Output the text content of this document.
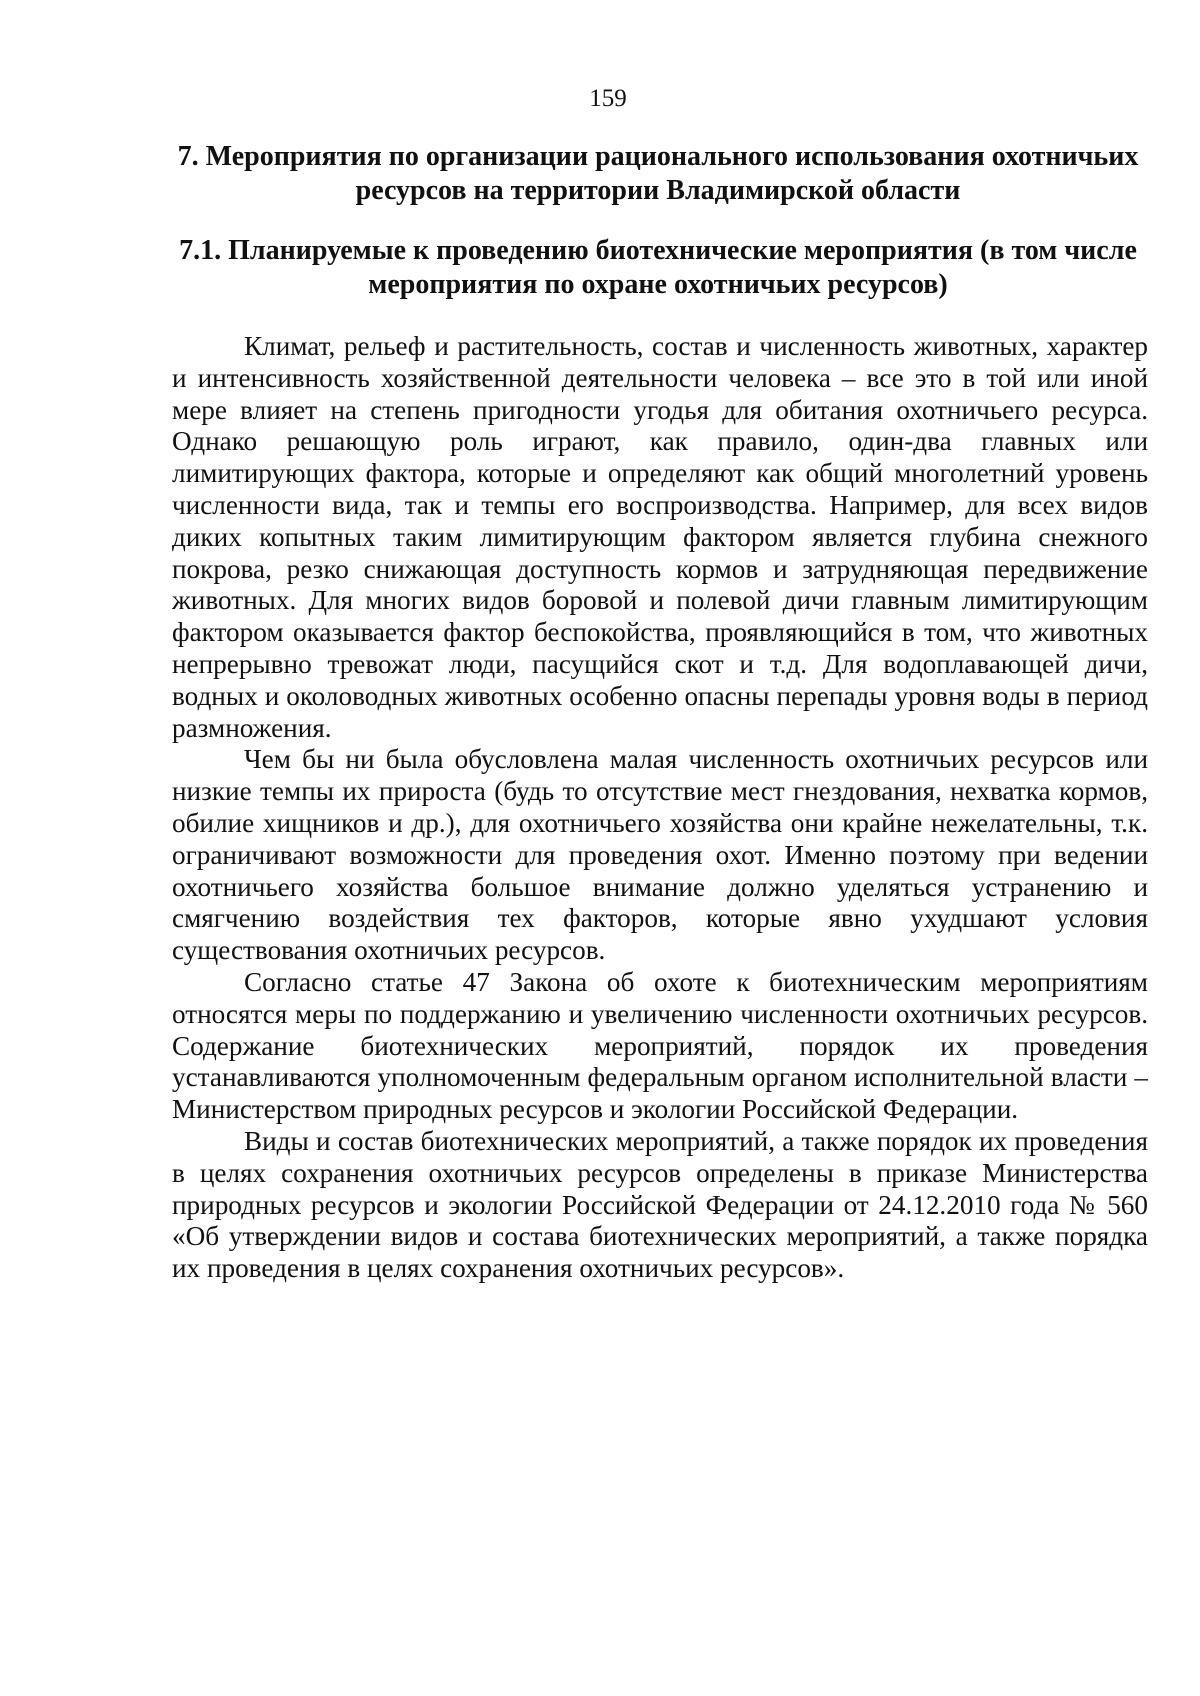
159
7. Мероприятия по организации рационального использования охотничьих ресурсов на территории Владимирской области
7.1. Планируемые к проведению биотехнические мероприятия (в том числе мероприятия по охране охотничьих ресурсов)

Климат, рельеф и растительность, состав и численность животных, характер и интенсивность хозяйственной деятельности человека – все это в той или иной мере влияет на степень пригодности угодья для обитания охотничьего ресурса. Однако решающую роль играют, как правило, один-два главных или лимитирующих фактора, которые и определяют как общий многолетний уровень численности вида, так и темпы его воспроизводства. Например, для всех видов диких копытных таким лимитирующим фактором является глубина снежного покрова, резко снижающая доступность кормов и затрудняющая передвижение животных. Для многих видов боровой и полевой дичи главным лимитирующим фактором оказывается фактор беспокойства, проявляющийся в том, что животных непрерывно тревожат люди, пасущийся скот и т.д. Для водоплавающей дичи, водных и околоводных животных особенно опасны перепады уровня воды в период размножения.

Чем бы ни была обусловлена малая численность охотничьих ресурсов или низкие темпы их прироста (будь то отсутствие мест гнездования, нехватка кормов, обилие хищников и др.), для охотничьего хозяйства они крайне нежелательны, т.к. ограничивают возможности для проведения охот. Именно поэтому при ведении охотничьего хозяйства большое внимание должно уделяться устранению и смягчению воздействия тех факторов, которые явно ухудшают условия существования охотничьих ресурсов.

Согласно статье 47 Закона об охоте к биотехническим мероприятиям относятся меры по поддержанию и увеличению численности охотничьих ресурсов. Содержание биотехнических мероприятий, порядок их проведения устанавливаются уполномоченным федеральным органом исполнительной власти – Министерством природных ресурсов и экологии Российской Федерации.

Виды и состав биотехнических мероприятий, а также порядок их проведения в целях сохранения охотничьих ресурсов определены в приказе Министерства природных ресурсов и экологии Российской Федерации от 24.12.2010 года № 560 «Об утверждении видов и состава биотехнических мероприятий, а также порядка их проведения в целях сохранения охотничьих ресурсов».
